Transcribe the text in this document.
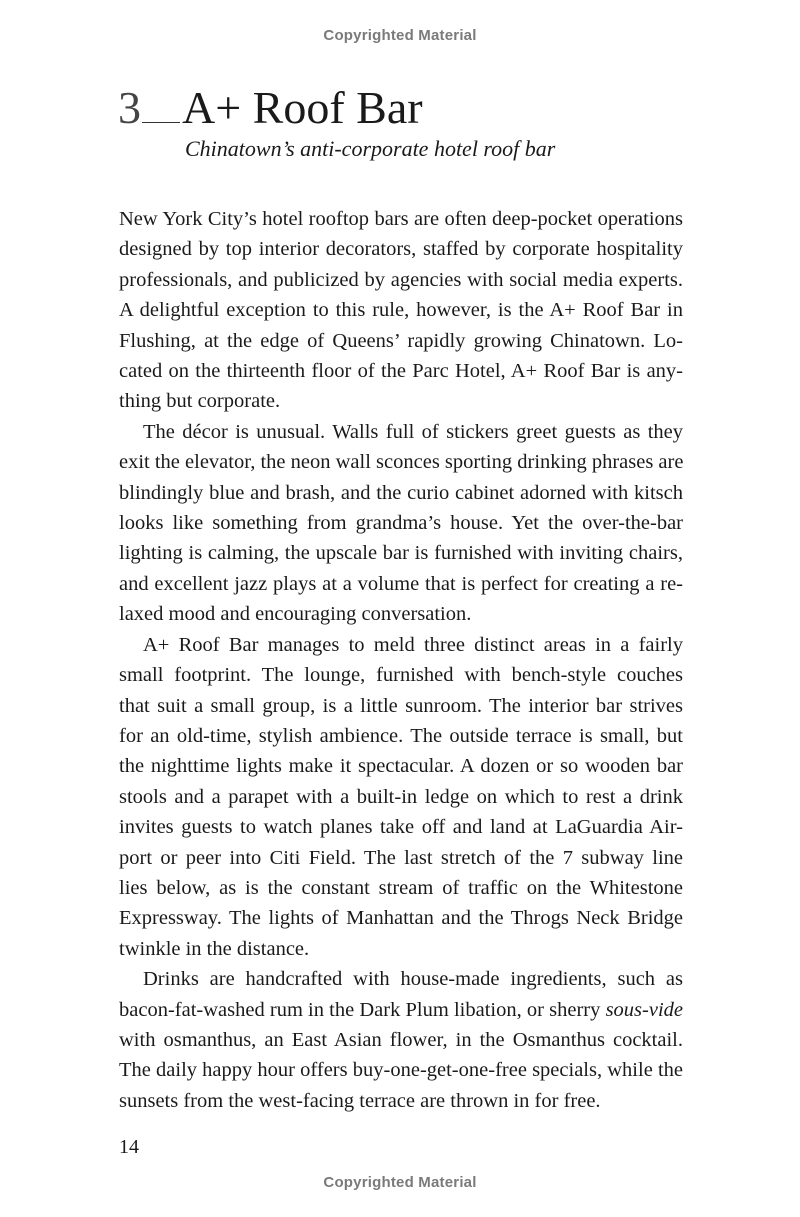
Copyrighted Material
3 A+ Roof Bar
Chinatown’s anti-corporate hotel roof bar

New York City’s hotel rooftop bars are often deep-pocket operations
designed by top interior decorators, staffed by corporate hospitality
professionals, and publicized by agencies with social media experts.
A delightful exception to this rule, however, is the A+ Roof Bar in
Flushing, at the edge of Queens’ rapidly growing Chinatown. Lo-
cated on the thirteenth floor of the Parc Hotel, A+ Roof Bar is any-
thing but corporate.

The décor is unusual. Walls full of stickers greet guests as they
exit the elevator, the neon wall sconces sporting drinking phrases are
blindingly blue and brash, and the curio cabinet adorned with kitsch
looks like something from grandma’s house. Yet the over-the-bar
lighting is calming, the upscale bar is furnished with inviting chairs,
and excellent jazz plays at a volume that is perfect for creating a re-
laxed mood and encouraging conversation.

A+ Roof Bar manages to meld three distinct areas in a fairly
small footprint. The lounge, furnished with bench-style couches
that suit a small group, is a little sunroom. The interior bar strives
for an old-time, stylish ambience. The outside terrace is small, but
the nighttime lights make it spectacular. A dozen or so wooden bar
stools and a parapet with a built-in ledge on which to rest a drink
invites guests to watch planes take off and land at LaGuardia Air-
port or peer into Citi Field. The last stretch of the 7 subway line
lies below, as is the constant stream of traffic on the Whitestone
Expressway. The lights of Manhattan and the Throgs Neck Bridge
twinkle in the distance.

Drinks are handcrafted with house-made ingredients, such as
bacon-fat-washed rum in the Dark Plum libation, or sherry sous-vide
with osmanthus, an East Asian flower, in the Osmanthus cocktail.
The daily happy hour offers buy-one-get-one-free specials, while the
sunsets from the west-facing terrace are thrown in for free.

14
Copyrighted Material
